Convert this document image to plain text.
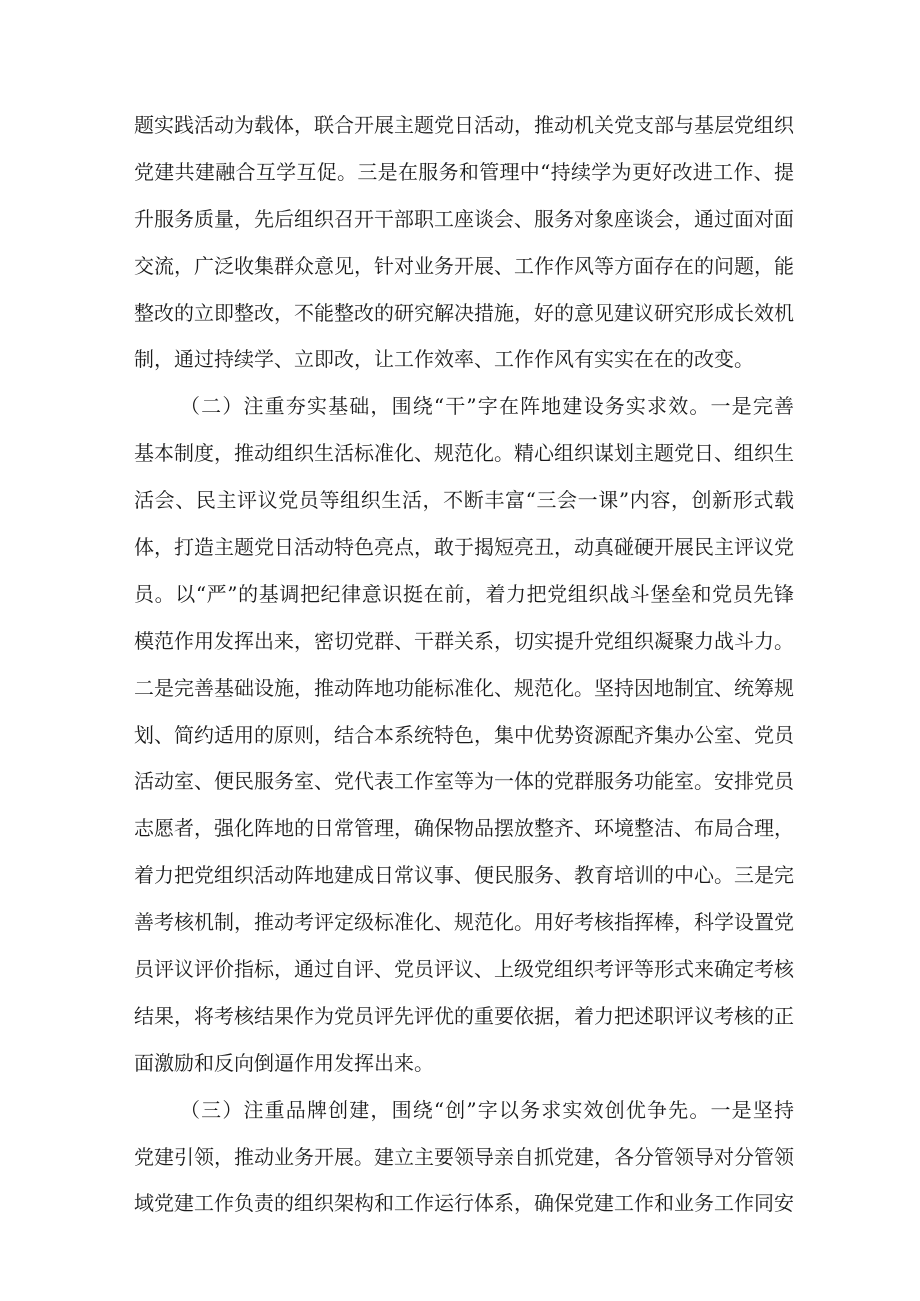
题实践活动为载体，联合开展主题党日活动，推动机关党支部与基层党组织
党建共建融合互学互促。三是在服务和管理中“持续学为更好改进工作、提
升服务质量，先后组织召开干部职工座谈会、服务对象座谈会，通过面对面
交流，广泛收集群众意见，针对业务开展、工作作风等方面存在的问题，能
整改的立即整改，不能整改的研究解决措施，好的意见建议研究形成长效机
制，通过持续学、立即改，让工作效率、工作作风有实实在在的改变。
（二）注重夯实基础，围绕“干”字在阵地建设务实求效。一是完善
基本制度，推动组织生活标准化、规范化。精心组织谋划主题党日、组织生
活会、民主评议党员等组织生活，不断丰富“三会一课”内容，创新形式载
体，打造主题党日活动特色亮点，敢于揭短亮丑，动真碰硬开展民主评议党
员。以“严”的基调把纪律意识挺在前，着力把党组织战斗堡垒和党员先锋
模范作用发挥出来，密切党群、干群关系，切实提升党组织凝聚力战斗力。
二是完善基础设施，推动阵地功能标准化、规范化。坚持因地制宜、统筹规
划、简约适用的原则，结合本系统特色，集中优势资源配齐集办公室、党员
活动室、便民服务室、党代表工作室等为一体的党群服务功能室。安排党员
志愿者，强化阵地的日常管理，确保物品摆放整齐、环境整洁、布局合理，
着力把党组织活动阵地建成日常议事、便民服务、教育培训的中心。三是完
善考核机制，推动考评定级标准化、规范化。用好考核指挥棒，科学设置党
员评议评价指标，通过自评、党员评议、上级党组织考评等形式来确定考核
结果，将考核结果作为党员评先评优的重要依据，着力把述职评议考核的正
面激励和反向倒逼作用发挥出来。
（三）注重品牌创建，围绕“创”字以务求实效创优争先。一是坚持
党建引领，推动业务开展。建立主要领导亲自抓党建，各分管领导对分管领
域党建工作负责的组织架构和工作运行体系，确保党建工作和业务工作同安
